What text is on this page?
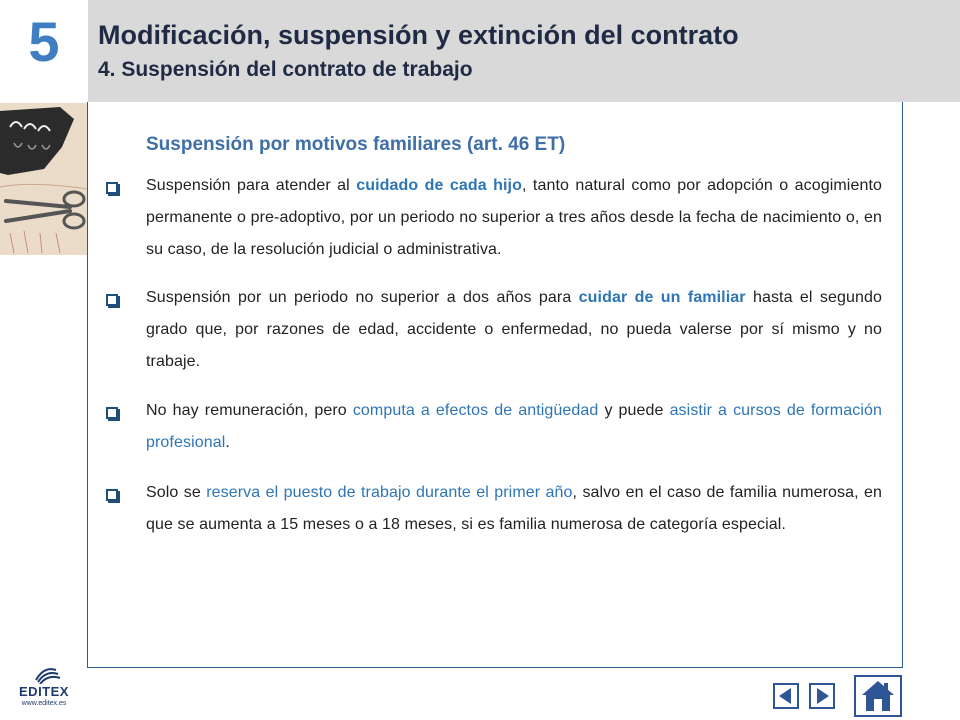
5	Modificación, suspensión y extinción del contrato
4. Suspensión del contrato de trabajo
Suspensión por motivos familiares (art. 46 ET)
Suspensión para atender al cuidado de cada hijo, tanto natural como por adopción o acogimiento permanente o pre-adoptivo, por un periodo no superior a tres años desde la fecha de nacimiento o, en su caso, de la resolución judicial o administrativa.
Suspensión por un periodo no superior a dos años para cuidar de un familiar hasta el segundo grado que, por razones de edad, accidente o enfermedad, no pueda valerse por sí mismo y no trabaje.
No hay remuneración, pero computa a efectos de antigüedad y puede asistir a cursos de formación profesional.
Solo se reserva el puesto de trabajo durante el primer año, salvo en el caso de familia numerosa, en que se aumenta a 15 meses o a 18 meses, si es familia numerosa de categoría especial.
EDITEX
www.editex.es
